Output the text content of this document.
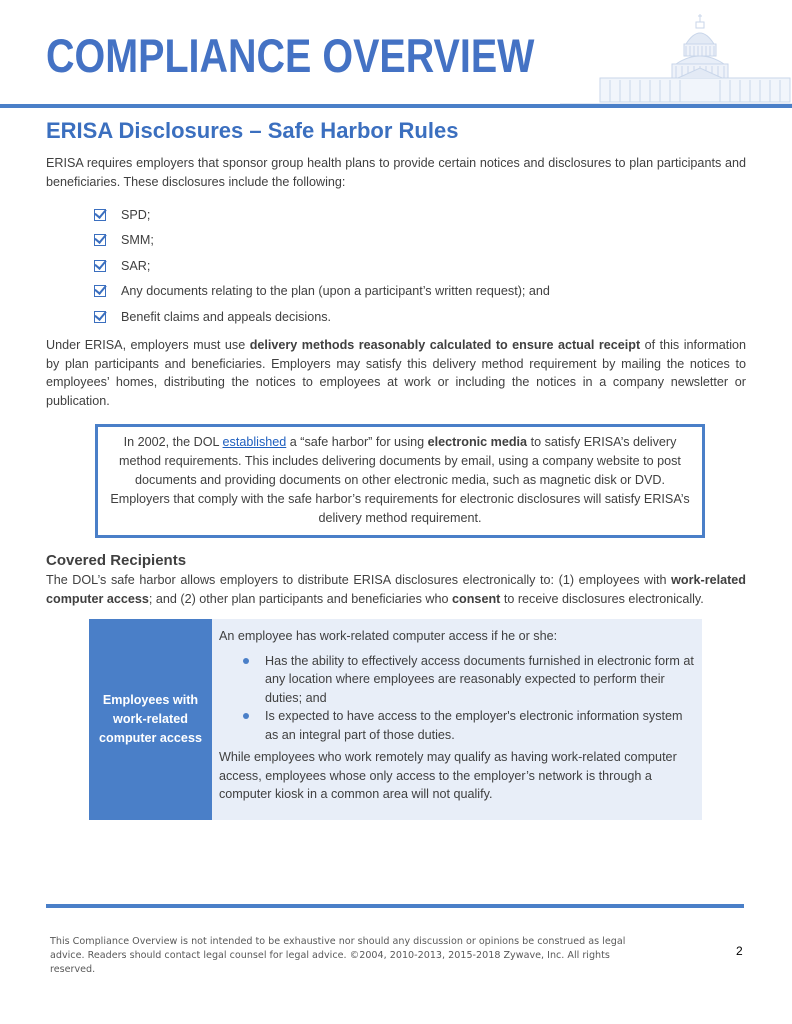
COMPLIANCE OVERVIEW
ERISA Disclosures – Safe Harbor Rules

ERISA requires employers that sponsor group health plans to provide certain notices and disclosures to plan participants and beneficiaries. These disclosures include the following:

SPD;
SMM;
SAR;
Any documents relating to the plan (upon a participant’s written request); and
Benefit claims and appeals decisions.

Under ERISA, employers must use delivery methods reasonably calculated to ensure actual receipt of this information by plan participants and beneficiaries. Employers may satisfy this delivery method requirement by mailing the notices to employees’ homes, distributing the notices to employees at work or including the notices in a company newsletter or publication.

In 2002, the DOL established a “safe harbor” for using electronic media to satisfy ERISA’s delivery method requirements. This includes delivering documents by email, using a company website to post documents and providing documents on other electronic media, such as magnetic disk or DVD. Employers that comply with the safe harbor’s requirements for electronic disclosures will satisfy ERISA’s delivery method requirement.

Covered Recipients

The DOL’s safe harbor allows employers to distribute ERISA disclosures electronically to: (1) employees with work-related computer access; and (2) other plan participants and beneficiaries who consent to receive disclosures electronically.

Employees with work-related computer access

An employee has work-related computer access if he or she:

Has the ability to effectively access documents furnished in electronic form at any location where employees are reasonably expected to perform their duties; and
Is expected to have access to the employer's electronic information system as an integral part of those duties.

While employees who work remotely may qualify as having work-related computer access, employees whose only access to the employer’s network is through a computer kiosk in a common area will not qualify.

This Compliance Overview is not intended to be exhaustive nor should any discussion or opinions be construed as legal advice. Readers should contact legal counsel for legal advice. ©2004, 2010-2013, 2015-2018 Zywave, Inc. All rights reserved.
2
